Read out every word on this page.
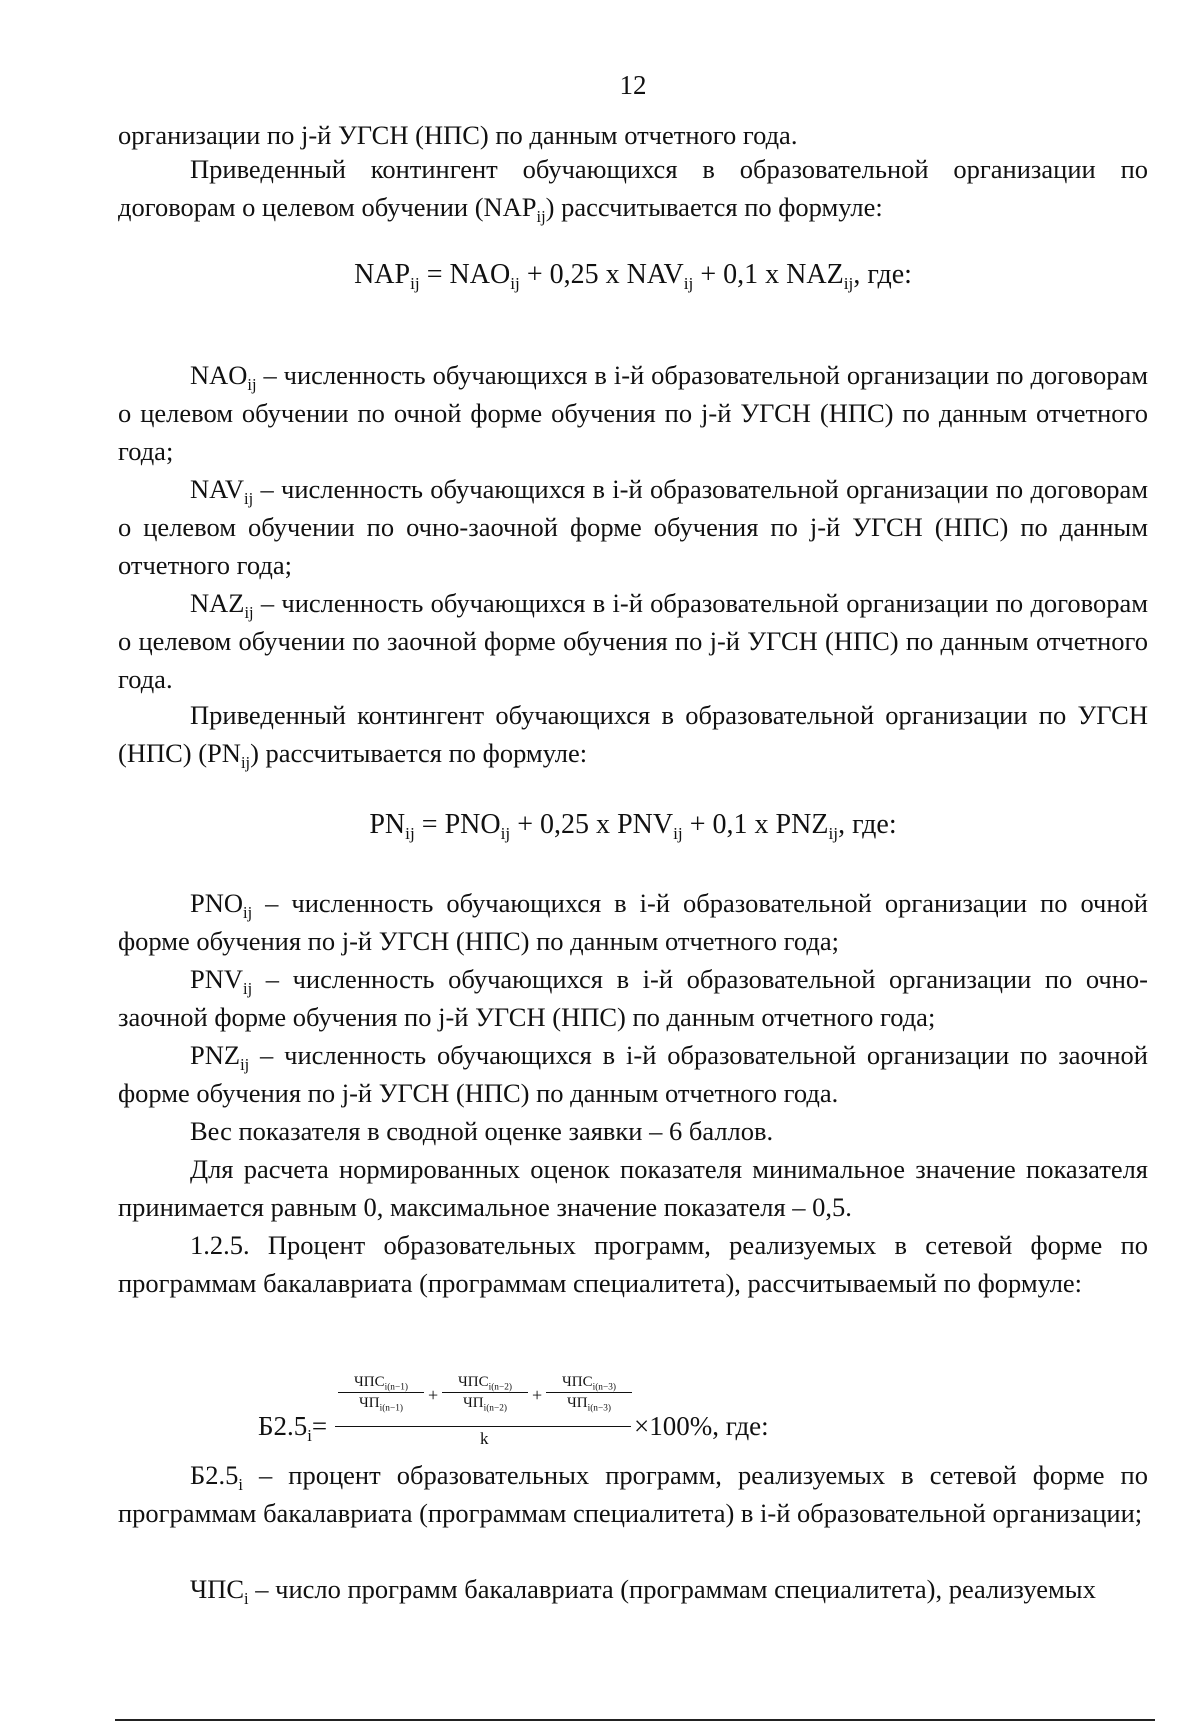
12
организации по j-й УГСН (НПС) по данным отчетного года.
Приведенный контингент обучающихся в образовательной организации по договорам о целевом обучении $(NAP_{ij})$ рассчитывается по формуле:
$NAP_{ij} = NAO_{ij} + 0,25$ x $NAV_{ij} + 0,1$ x $NAZ_{ij}$, где:
$NAO_{ij}$ – численность обучающихся в i-й образовательной организации по договорам о целевом обучении по очной форме обучения по j-й УГСН (НПС) по данным отчетного года;
$NAV_{ij}$ – численность обучающихся в i-й образовательной организации по договорам о целевом обучении по очно-заочной форме обучения по j-й УГСН (НПС) по данным отчетного года;
$NAZ_{ij}$ – численность обучающихся в i-й образовательной организации по договорам о целевом обучении по заочной форме обучения по j-й УГСН (НПС) по данным отчетного года.
Приведенный контингент обучающихся в образовательной организации по УГСН (НПС) $(PN_{ij})$ рассчитывается по формуле:
$PN_{ij} = PNO_{ij} + 0,25$ x $PNV_{ij} + 0,1$ x $PNZ_{ij}$, где:
$PNO_{ij}$ – численность обучающихся в i-й образовательной организации по очной форме обучения по j-й УГСН (НПС) по данным отчетного года;
$PNV_{ij}$ – численность обучающихся в i-й образовательной организации по очно-заочной форме обучения по j-й УГСН (НПС) по данным отчетного года;
$PNZ_{ij}$ – численность обучающихся в i-й образовательной организации по заочной форме обучения по j-й УГСН (НПС) по данным отчетного года.
Вес показателя в сводной оценке заявки – 6 баллов.
Для расчета нормированных оценок показателя минимальное значение показателя принимается равным 0, максимальное значение показателя – 0,5.
1.2.5. Процент образовательных программ, реализуемых в сетевой форме по программам бакалавриата (программам специалитета), рассчитываемый по формуле:
$Б2.5_i$ – процент образовательных программ, реализуемых в сетевой форме по программам бакалавриата (программам специалитета) в i-й образовательной организации;
$ЧПС_i$ – число программ бакалавриата (программам специалитета), реализуемых
$Б2.5_i=$
$ЧПС_{i(n-1)}$
$ЧП_{i(n-1)}$
+
$ЧПС_{i(n-2)}$
$ЧП_{i(n-2)}$
+
$ЧПС_{i(n-3)}$
$ЧП_{i(n-3)}$
k	×100%, где:
